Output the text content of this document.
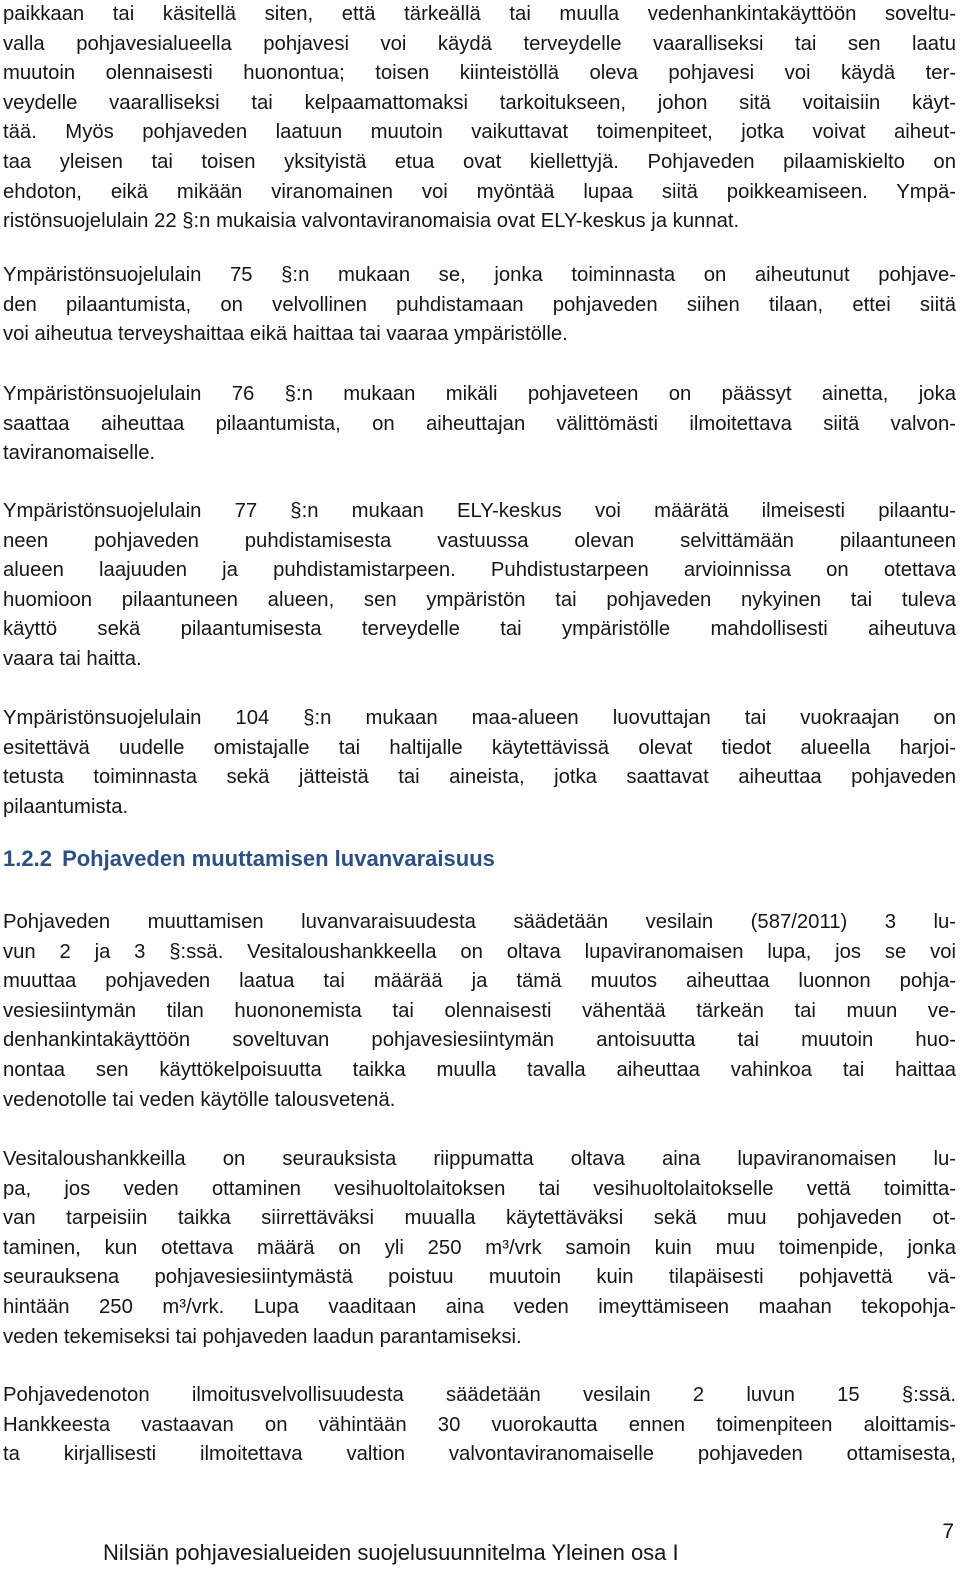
paikkaan tai käsitellä siten, että tärkeällä tai muulla vedenhankintakäyttöön soveltu-
valla pohjavesialueella pohjavesi voi käydä terveydelle vaaralliseksi tai sen laatu
muutoin olennaisesti huonontua; toisen kiinteistöllä oleva pohjavesi voi käydä ter-
veydelle vaaralliseksi tai kelpaamattomaksi tarkoitukseen, johon sitä voitaisiin käyt-
tää. Myös pohjaveden laatuun muutoin vaikuttavat toimenpiteet, jotka voivat aiheut-
taa yleisen tai toisen yksityistä etua ovat kiellettyjä. Pohjaveden pilaamiskielto on
ehdoton, eikä mikään viranomainen voi myöntää lupaa siitä poikkeamiseen. Ympä-
ristönsuojelulain 22 §:n mukaisia valvontaviranomaisia ovat ELY-keskus ja kunnat.
Ympäristönsuojelulain 75 §:n mukaan se, jonka toiminnasta on aiheutunut pohjave-
den pilaantumista, on velvollinen puhdistamaan pohjaveden siihen tilaan, ettei siitä
voi aiheutua terveyshaittaa eikä haittaa tai vaaraa ympäristölle.
Ympäristönsuojelulain 76 §:n mukaan mikäli pohjaveteen on päässyt ainetta, joka
saattaa aiheuttaa pilaantumista, on aiheuttajan välittömästi ilmoitettava siitä valvon-
taviranomaiselle.
Ympäristönsuojelulain 77 §:n mukaan ELY-keskus voi määrätä ilmeisesti pilaantu-
neen pohjaveden puhdistamisesta vastuussa olevan selvittämään pilaantuneen
alueen laajuuden ja puhdistamistarpeen. Puhdistustarpeen arvioinnissa on otettava
huomioon pilaantuneen alueen, sen ympäristön tai pohjaveden nykyinen tai tuleva
käyttö sekä pilaantumisesta terveydelle tai ympäristölle mahdollisesti aiheutuva
vaara tai haitta.
Ympäristönsuojelulain 104 §:n mukaan maa-alueen luovuttajan tai vuokraajan on
esitettävä uudelle omistajalle tai haltijalle käytettävissä olevat tiedot alueella harjoi-
tetusta toiminnasta sekä jätteistä tai aineista, jotka saattavat aiheuttaa pohjaveden
pilaantumista.
1.2.2 Pohjaveden muuttamisen luvanvaraisuus
Pohjaveden muuttamisen luvanvaraisuudesta säädetään vesilain (587/2011) 3 lu-
vun 2 ja 3 §:ssä. Vesitaloushankkeella on oltava lupaviranomaisen lupa, jos se voi
muuttaa pohjaveden laatua tai määrää ja tämä muutos aiheuttaa luonnon pohja-
vesiesiintymän tilan huononemista tai olennaisesti vähentää tärkeän tai muun ve-
denhankintakäyttöön soveltuvan pohjavesiesiintymän antoisuutta tai muutoin huo-
nontaa sen käyttökelpoisuutta taikka muulla tavalla aiheuttaa vahinkoa tai haittaa
vedenotolle tai veden käytölle talousvetenä.
Vesitaloushankkeilla on seurauksista riippumatta oltava aina lupaviranomaisen lu-
pa, jos veden ottaminen vesihuoltolaitoksen tai vesihuoltolaitokselle vettä toimitta-
van tarpeisiin taikka siirrettäväksi muualla käytettäväksi sekä muu pohjaveden ot-
taminen, kun otettava määrä on yli 250 m³/vrk samoin kuin muu toimenpide, jonka
seurauksena pohjavesiesiintymästä poistuu muutoin kuin tilapäisesti pohjavettä vä-
hintään 250 m³/vrk. Lupa vaaditaan aina veden imeyttämiseen maahan tekopohja-
veden tekemiseksi tai pohjaveden laadun parantamiseksi.
Pohjavedenoton ilmoitusvelvollisuudesta säädetään vesilain 2 luvun 15 §:ssä.
Hankkeesta vastaavan on vähintään 30 vuorokautta ennen toimenpiteen aloittamis-
ta kirjallisesti ilmoitettava valtion valvontaviranomaiselle pohjaveden ottamisesta,
7
Nilsiän pohjavesialueiden suojelusuunnitelma Yleinen osa I
